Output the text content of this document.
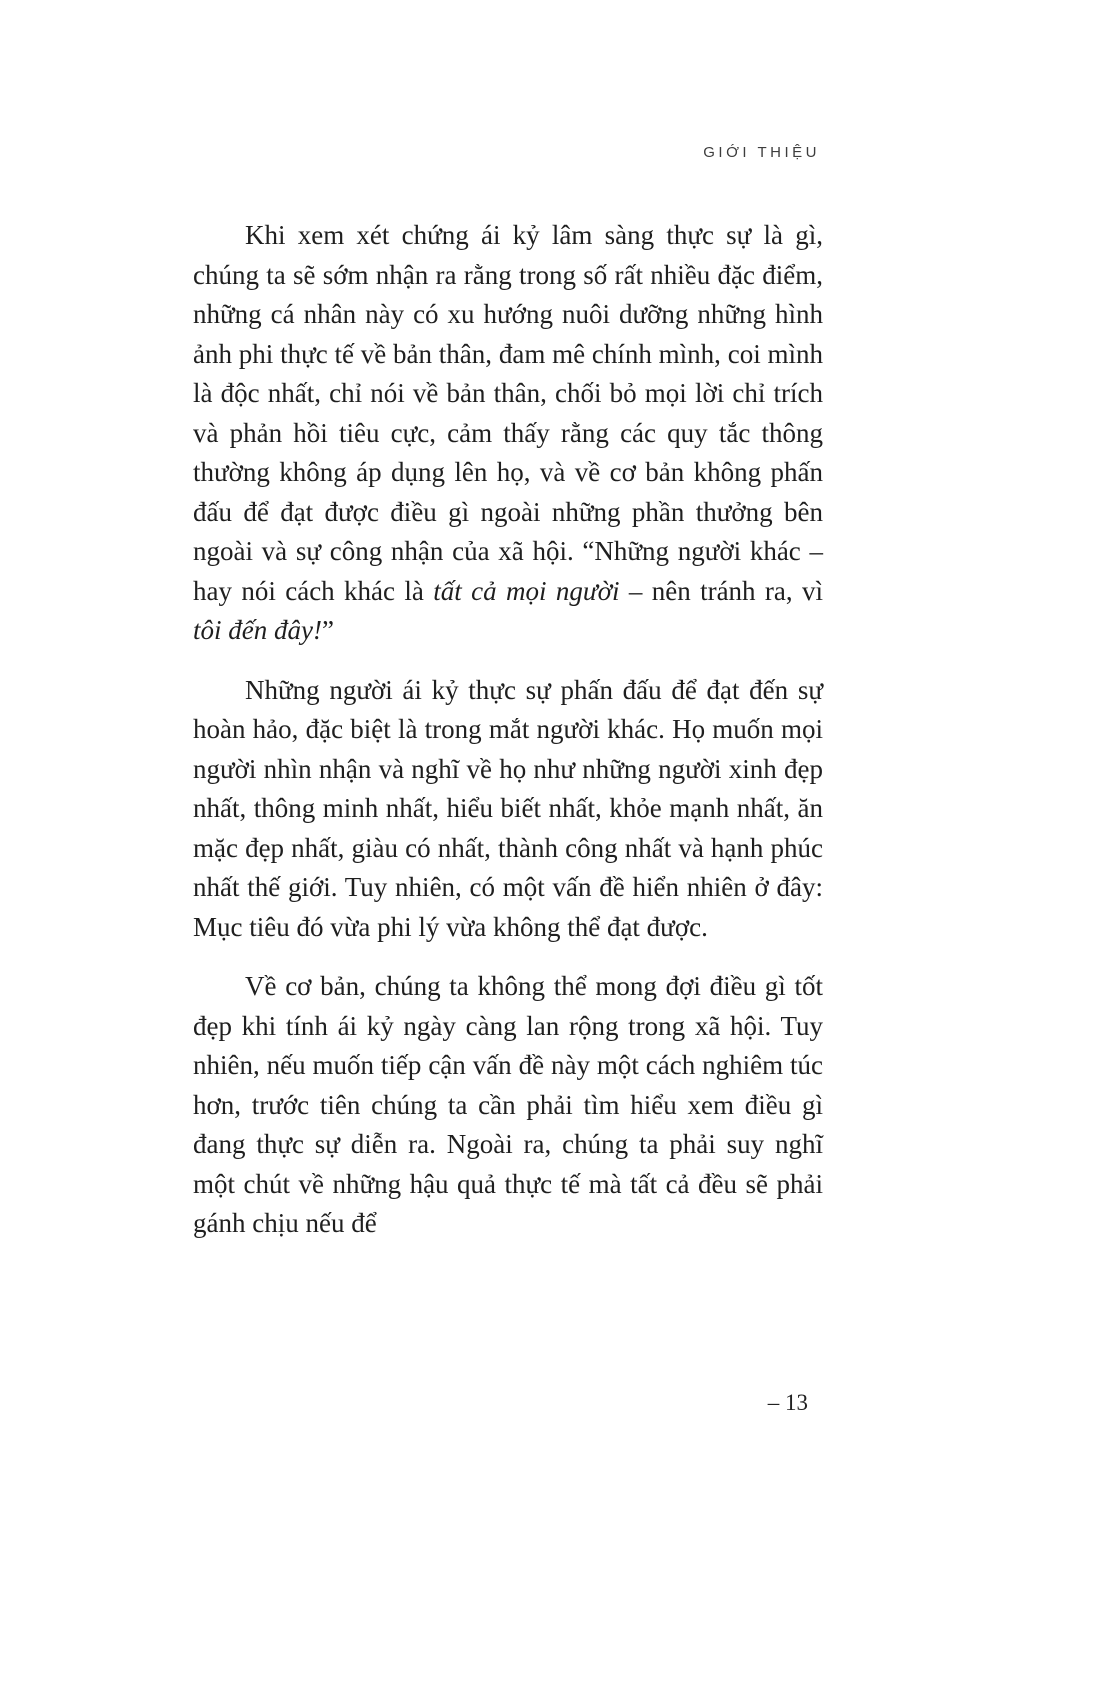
GIỚI THIỆU

Khi xem xét chứng ái kỷ lâm sàng thực sự là gì, chúng ta sẽ sớm nhận ra rằng trong số rất nhiều đặc điểm, những cá nhân này có xu hướng nuôi dưỡng những hình ảnh phi thực tế về bản thân, đam mê chính mình, coi mình là độc nhất, chỉ nói về bản thân, chối bỏ mọi lời chỉ trích và phản hồi tiêu cực, cảm thấy rằng các quy tắc thông thường không áp dụng lên họ, và về cơ bản không phấn đấu để đạt được điều gì ngoài những phần thưởng bên ngoài và sự công nhận của xã hội. “Những người khác – hay nói cách khác là tất cả mọi người – nên tránh ra, vì tôi đến đây!”

Những người ái kỷ thực sự phấn đấu để đạt đến sự hoàn hảo, đặc biệt là trong mắt người khác. Họ muốn mọi người nhìn nhận và nghĩ về họ như những người xinh đẹp nhất, thông minh nhất, hiểu biết nhất, khỏe mạnh nhất, ăn mặc đẹp nhất, giàu có nhất, thành công nhất và hạnh phúc nhất thế giới. Tuy nhiên, có một vấn đề hiển nhiên ở đây: Mục tiêu đó vừa phi lý vừa không thể đạt được.

Về cơ bản, chúng ta không thể mong đợi điều gì tốt đẹp khi tính ái kỷ ngày càng lan rộng trong xã hội. Tuy nhiên, nếu muốn tiếp cận vấn đề này một cách nghiêm túc hơn, trước tiên chúng ta cần phải tìm hiểu xem điều gì đang thực sự diễn ra. Ngoài ra, chúng ta phải suy nghĩ một chút về những hậu quả thực tế mà tất cả đều sẽ phải gánh chịu nếu để

– 13
